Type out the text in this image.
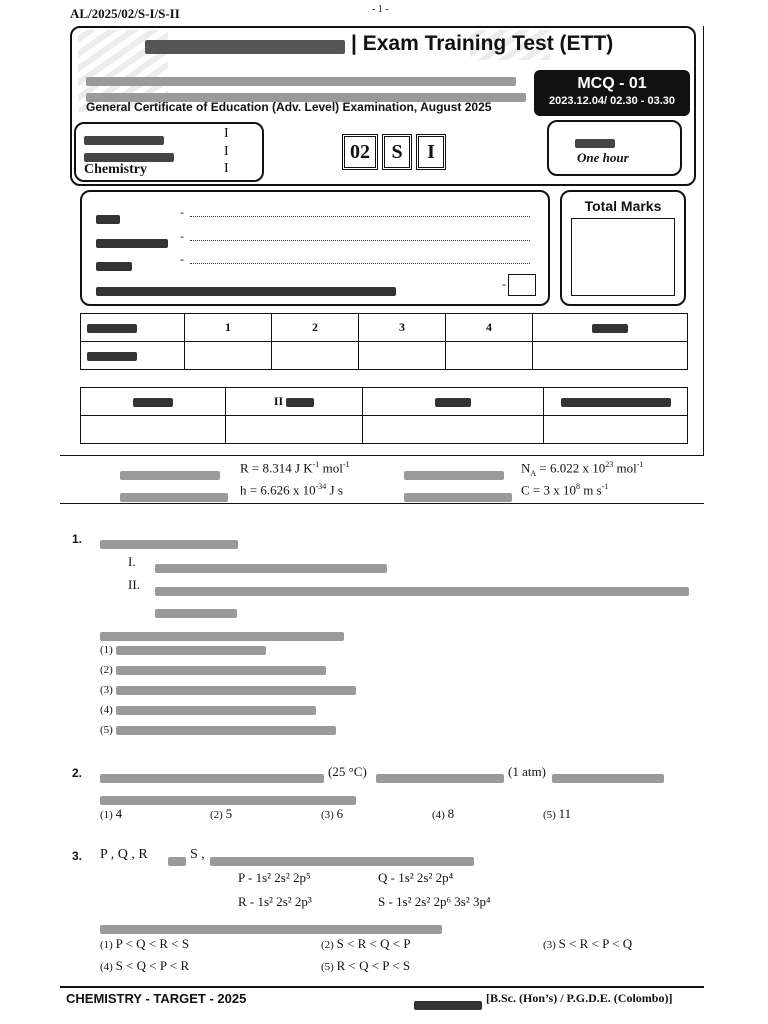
AL/2025/02/S-I/S-II	- 1 -
| Exam Training Test (ETT)
General Certificate of Education (Adv. Level) Examination, August 2025
MCQ - 01
2023.12.04/ 02.30 - 03.30
Chemistry
I
I
I
02	S	I	One hour
-
-
-
-
Total Marks
	1	2	3	4	

	II		

R = 8.314 J $K^{-1}$ mol$^{-1}$	$N_A = 6.022$ x $10^{23}$ mol$^{-1}$
h = 6.626 x $10^{-34}$ J s	C = 3 x $10^8$ m $s^{-1}$
1.
I.
II.
(1)
(2)
(3)
(4)
(5)
2.	(25 °C)	(1 atm)
(1) 4	(2) 5	(3) 6	(4) 8	(5) 11
3. P , Q , R	S ,
P - 1s² 2s² 2p⁵	Q - 1s² 2s² 2p⁴
R - 1s² 2s² 2p³	S - 1s² 2s² 2p⁶ 3s² 3p⁴
(1) P < Q < R < S	(2) S < R < Q < P	(3) S < R < P < Q
(4) S < Q < P < R	(5) R < Q < P < S
CHEMISTRY - TARGET - 2025	[B.Sc. (Hon’s) / P.G.D.E. (Colombo)]
